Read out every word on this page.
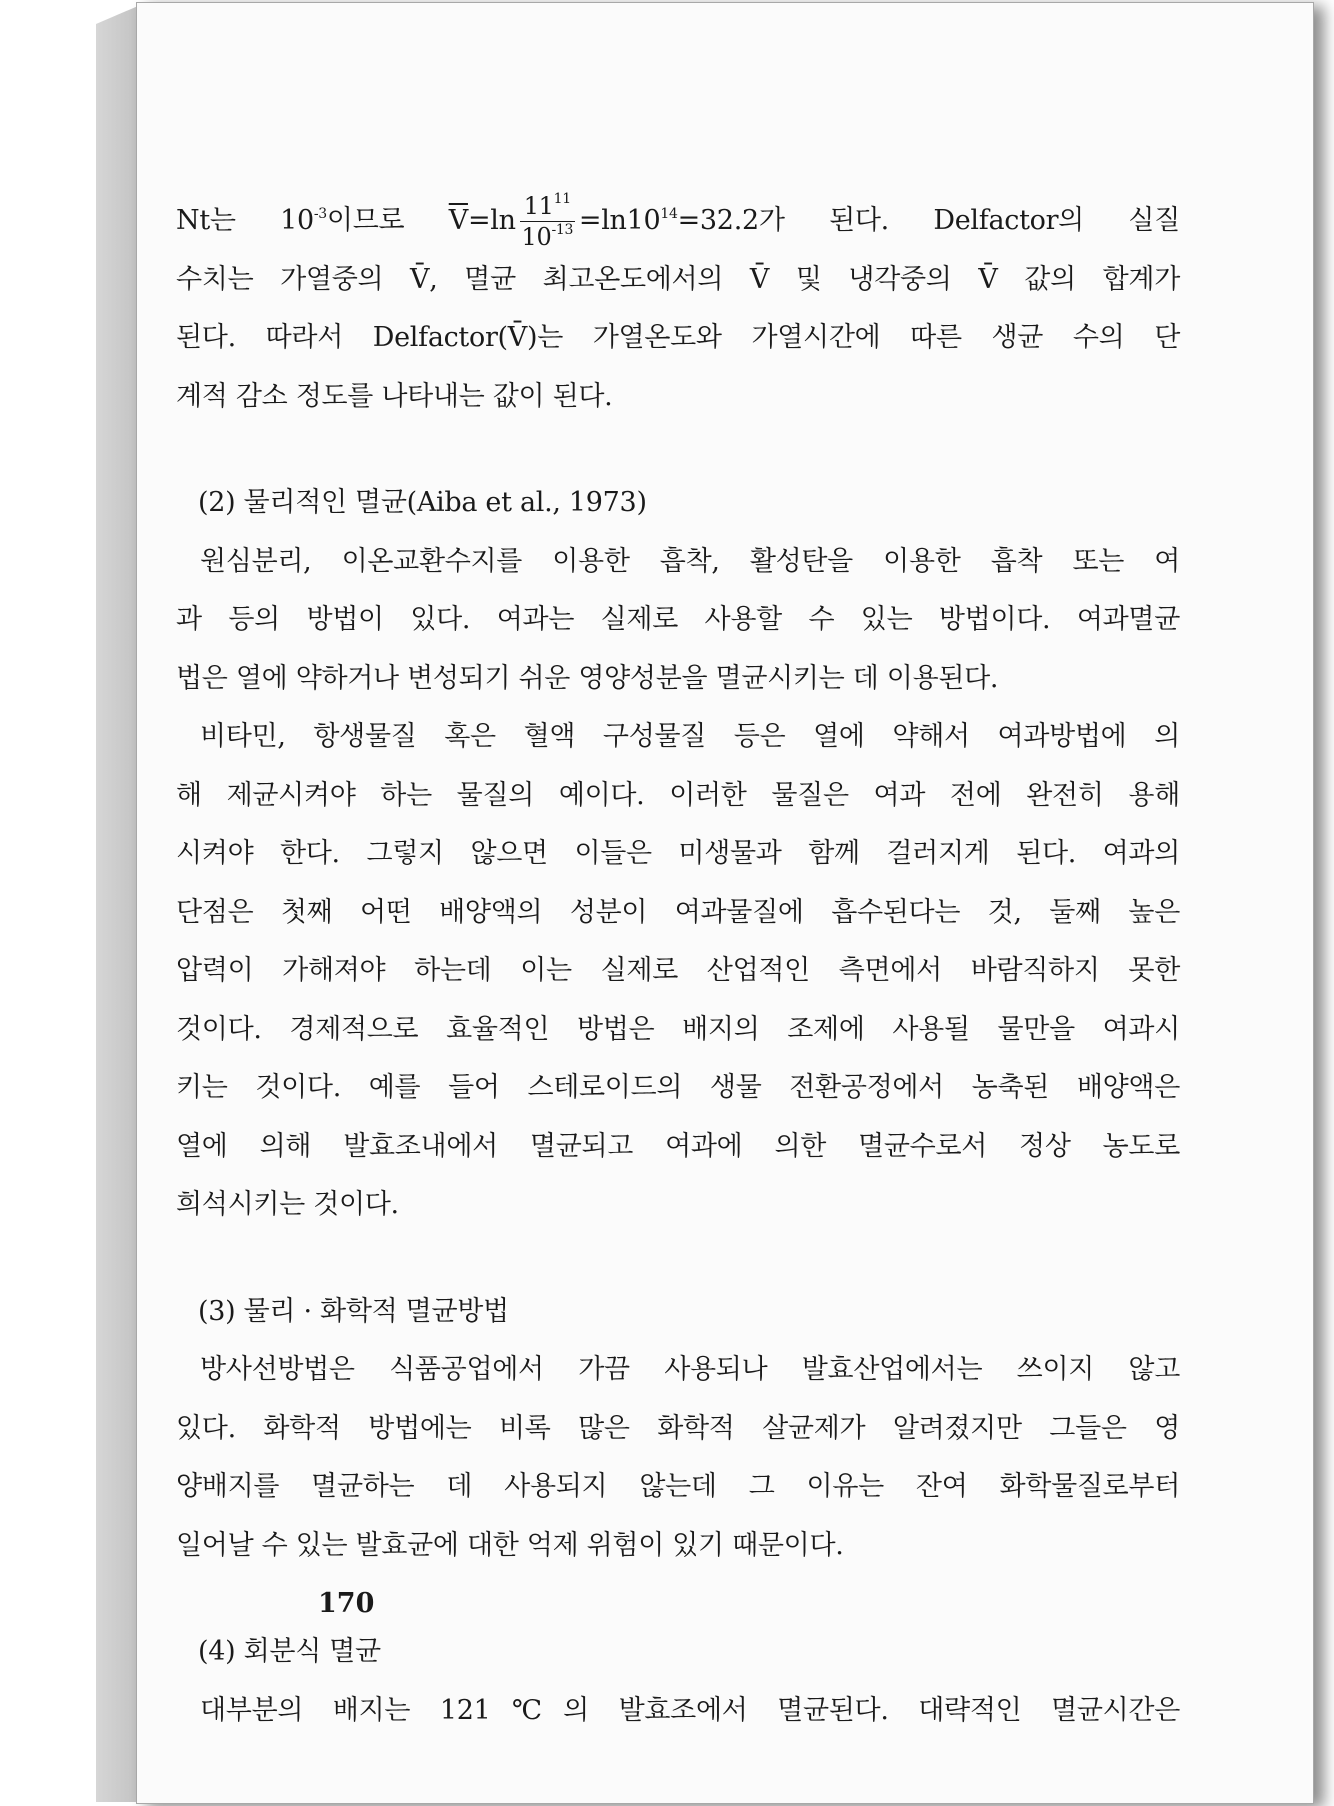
Nt는 $10^{-3}$이므로 $\overline{V}=\ln \frac{11^{11}}{10^{-13}} =\ln 10^{14}=32.2$가 된다. Delfactor의 실질
수치는 가열중의 V̄, 멸균 최고온도에서의 V̄ 및 냉각중의 V̄ 값의 합계가
된다. 따라서 Delfactor(V̄)는 가열온도와 가열시간에 따른 생균 수의 단
계적 감소 정도를 나타내는 값이 된다.
(2) 물리적인 멸균(Aiba et al., 1973)
원심분리, 이온교환수지를 이용한 흡착, 활성탄을 이용한 흡착 또는 여
과 등의 방법이 있다. 여과는 실제로 사용할 수 있는 방법이다. 여과멸균
법은 열에 약하거나 변성되기 쉬운 영양성분을 멸균시키는 데 이용된다.
비타민, 항생물질 혹은 혈액 구성물질 등은 열에 약해서 여과방법에 의
해 제균시켜야 하는 물질의 예이다. 이러한 물질은 여과 전에 완전히 용해
시켜야 한다. 그렇지 않으면 이들은 미생물과 함께 걸러지게 된다. 여과의
단점은 첫째 어떤 배양액의 성분이 여과물질에 흡수된다는 것, 둘째 높은
압력이 가해져야 하는데 이는 실제로 산업적인 측면에서 바람직하지 못한
것이다. 경제적으로 효율적인 방법은 배지의 조제에 사용될 물만을 여과시
키는 것이다. 예를 들어 스테로이드의 생물 전환공정에서 농축된 배양액은
열에 의해 발효조내에서 멸균되고 여과에 의한 멸균수로서 정상 농도로
희석시키는 것이다.
(3) 물리 · 화학적 멸균방법
방사선방법은 식품공업에서 가끔 사용되나 발효산업에서는 쓰이지 않고
있다. 화학적 방법에는 비록 많은 화학적 살균제가 알려졌지만 그들은 영
양배지를 멸균하는 데 사용되지 않는데 그 이유는 잔여 화학물질로부터
일어날 수 있는 발효균에 대한 억제 위험이 있기 때문이다.
(4) 회분식 멸균
대부분의 배지는 121℃의 발효조에서 멸균된다. 대략적인 멸균시간은
170
